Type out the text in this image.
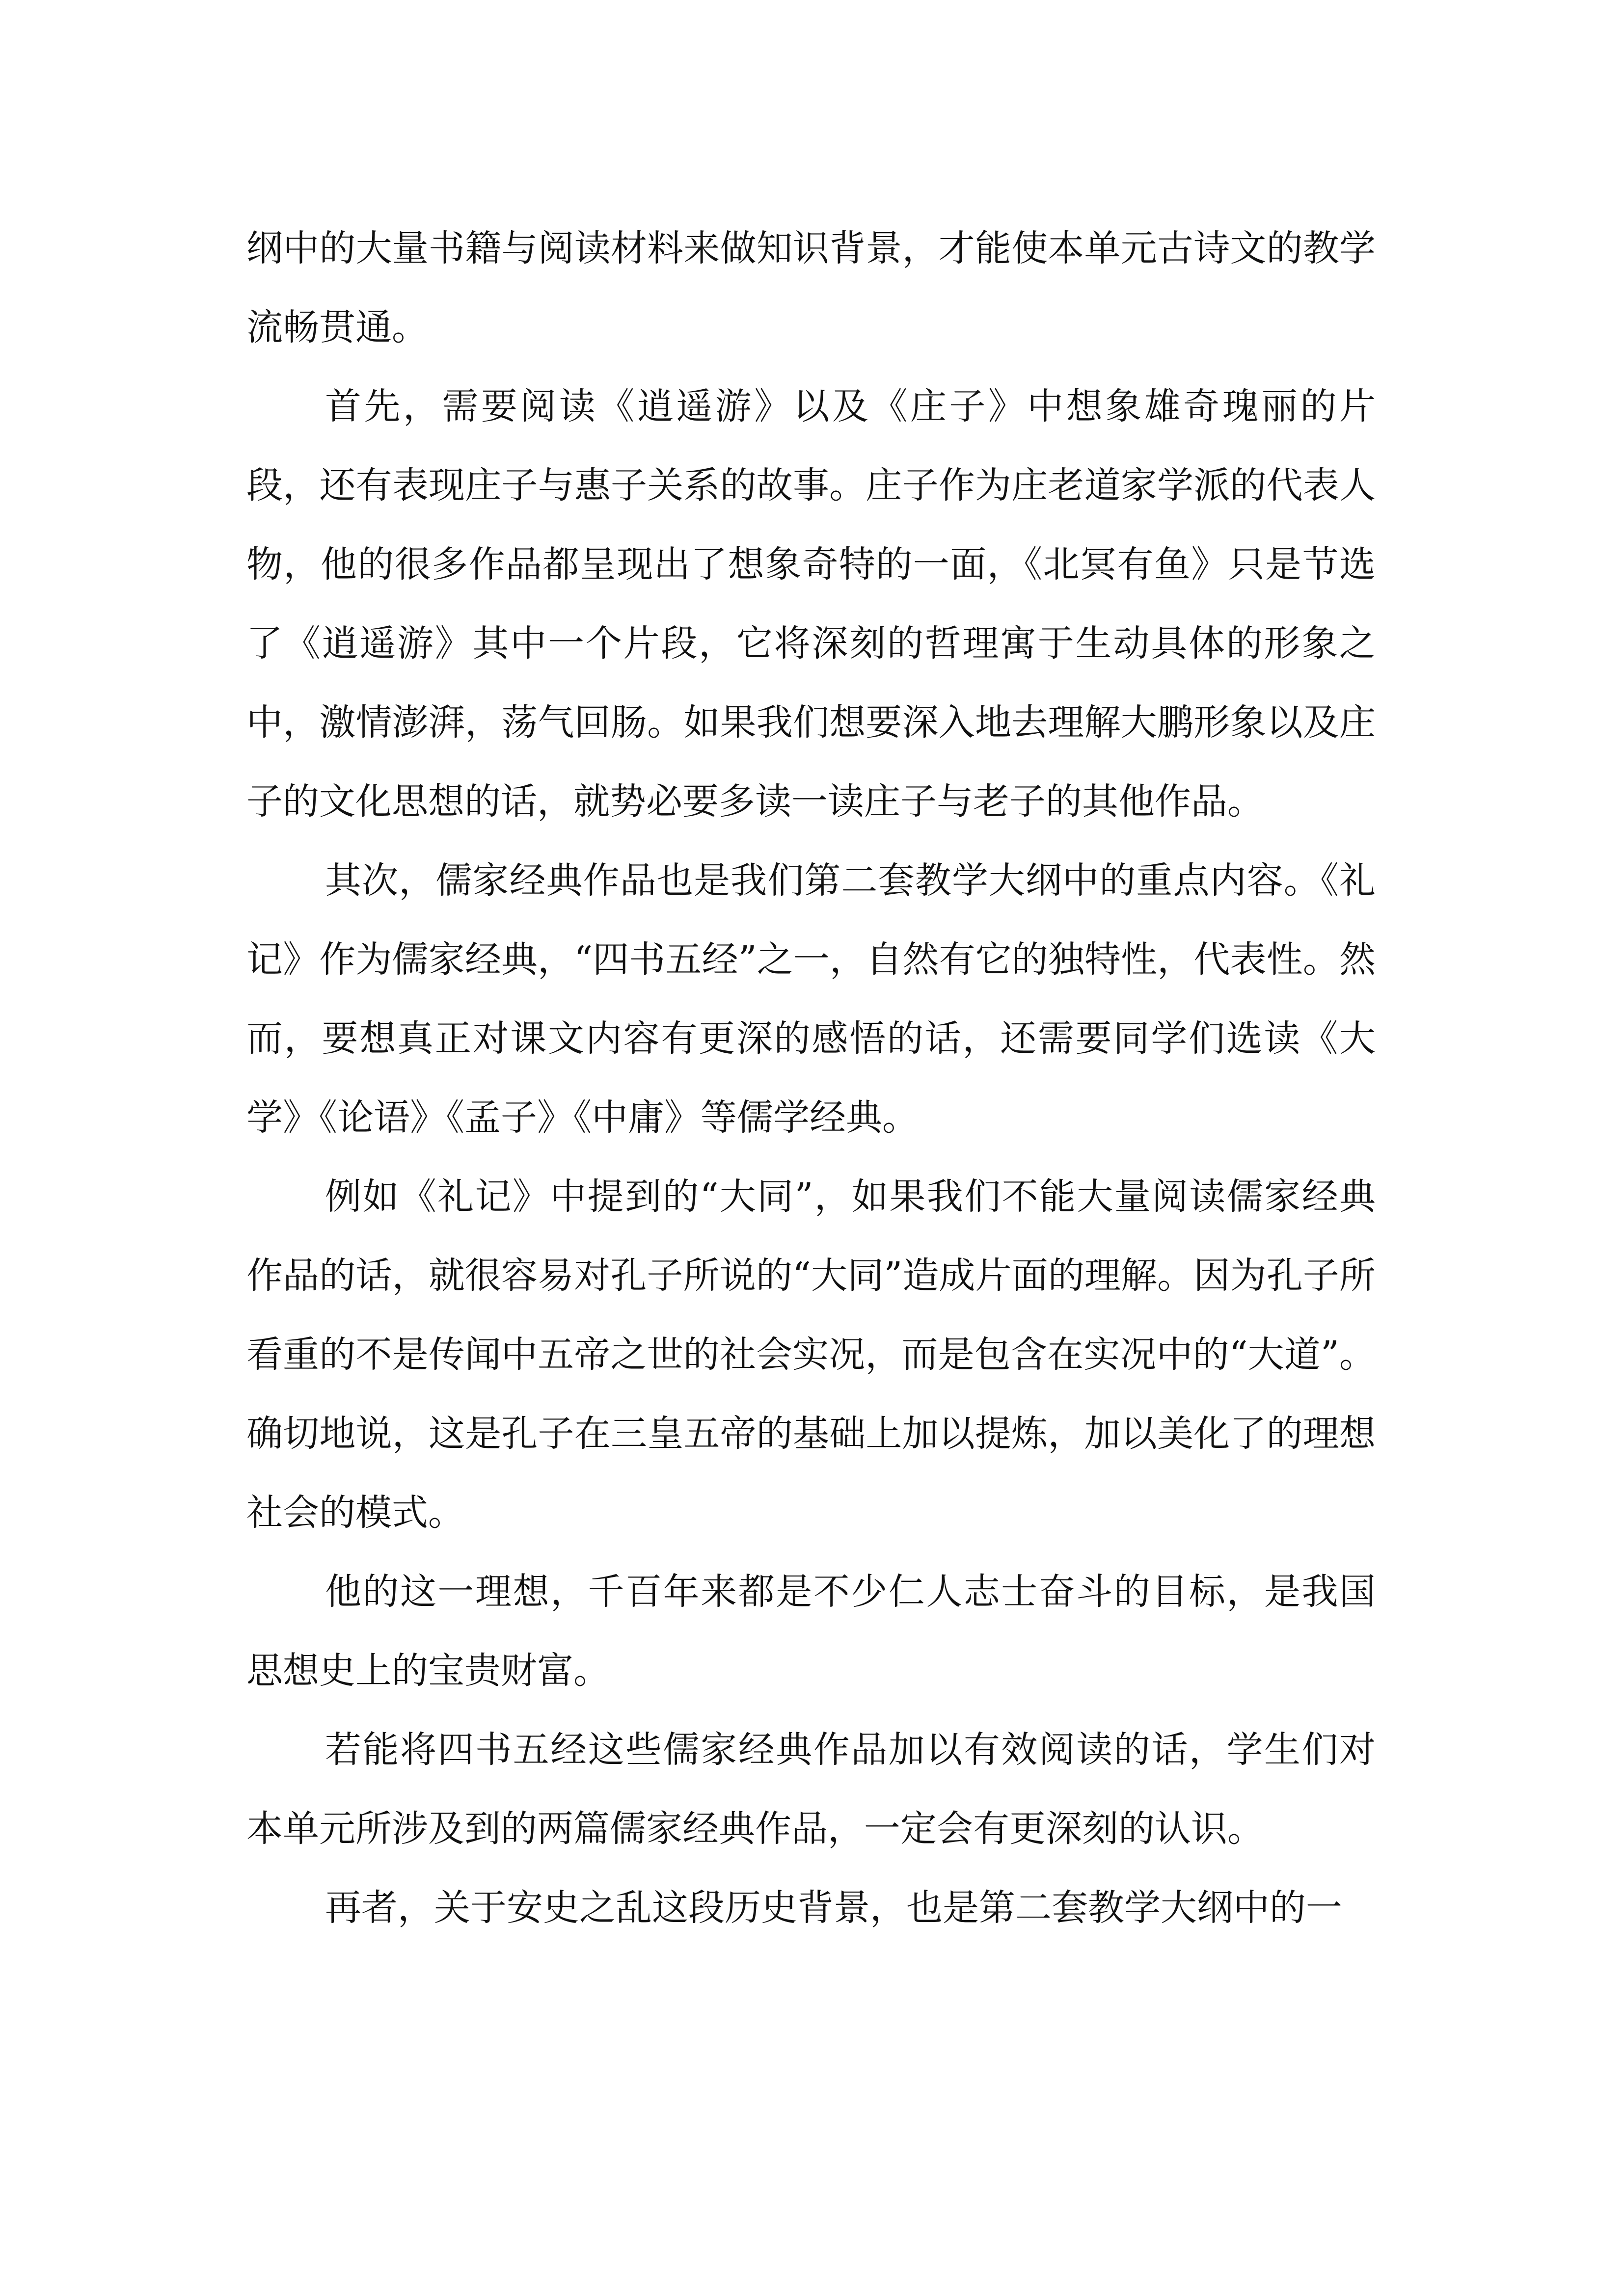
纲中的大量书籍与阅读材料来做知识背景，才能使本单元古诗文的教学流畅贯通。

首先，需要阅读《逍遥游》以及《庄子》中想象雄奇瑰丽的片段，还有表现庄子与惠子关系的故事。庄子作为庄老道家学派的代表人物，他的很多作品都呈现出了想象奇特的一面，《北冥有鱼》只是节选了《逍遥游》其中一个片段，它将深刻的哲理寓于生动具体的形象之中，激情澎湃，荡气回肠。如果我们想要深入地去理解大鹏形象以及庄子的文化思想的话，就势必要多读一读庄子与老子的其他作品。

其次，儒家经典作品也是我们第二套教学大纲中的重点内容。《礼记》作为儒家经典，“四书五经”之一，自然有它的独特性，代表性。然而，要想真正对课文内容有更深的感悟的话，还需要同学们选读《大学》《论语》《孟子》《中庸》等儒学经典。

例如《礼记》中提到的“大同”，如果我们不能大量阅读儒家经典作品的话，就很容易对孔子所说的“大同”造成片面的理解。因为孔子所看重的不是传闻中五帝之世的社会实况，而是包含在实况中的“大道”。确切地说，这是孔子在三皇五帝的基础上加以提炼，加以美化了的理想社会的模式。

他的这一理想，千百年来都是不少仁人志士奋斗的目标，是我国思想史上的宝贵财富。

若能将四书五经这些儒家经典作品加以有效阅读的话，学生们对本单元所涉及到的两篇儒家经典作品，一定会有更深刻的认识。

再者，关于安史之乱这段历史背景，也是第二套教学大纲中的一
